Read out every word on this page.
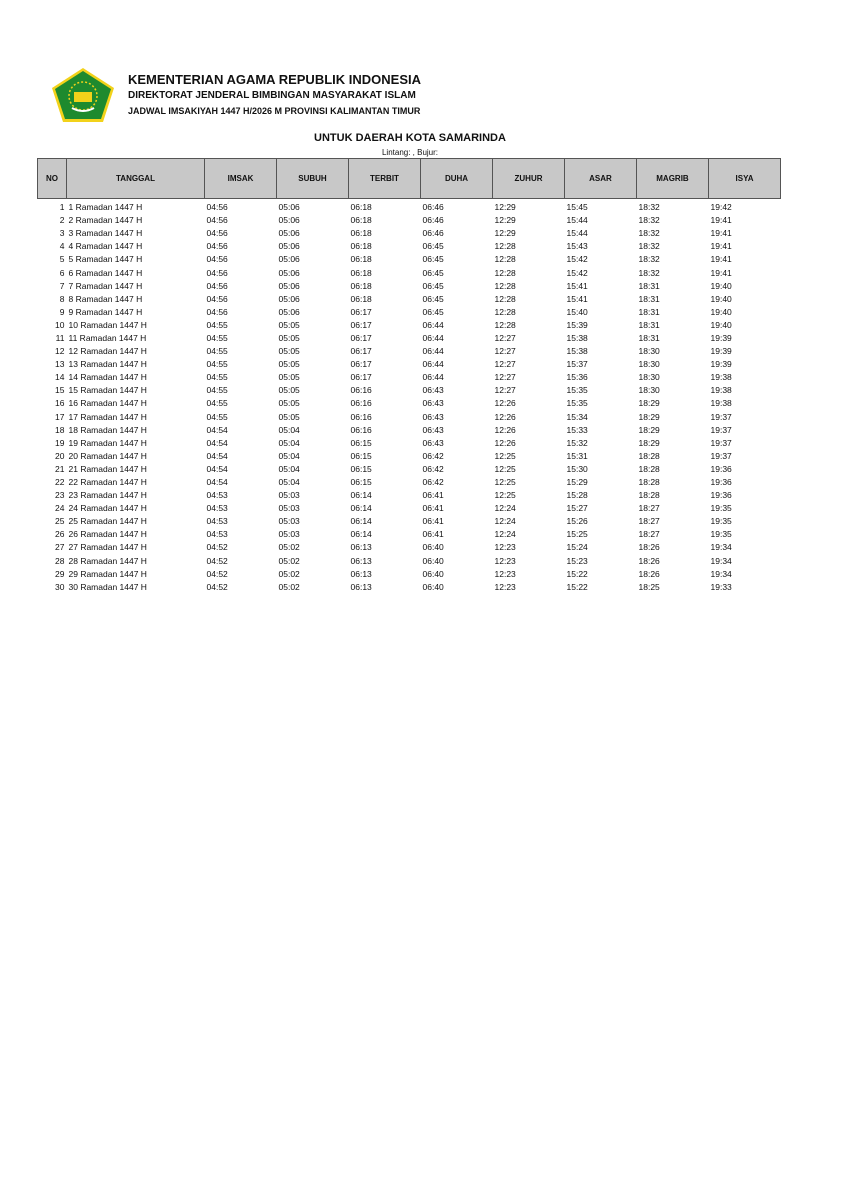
KEMENTERIAN AGAMA REPUBLIK INDONESIA
DIREKTORAT JENDERAL BIMBINGAN MASYARAKAT ISLAM
JADWAL IMSAKIYAH 1447 H/2026 M PROVINSI KALIMANTAN TIMUR
UNTUK DAERAH KOTA SAMARINDA
Lintang: , Bujur:
NO	TANGGAL	IMSAK	SUBUH	TERBIT	DUHA	ZUHUR	ASAR	MAGRIB	ISYA
1	1 Ramadan 1447 H	04:56	05:06	06:18	06:46	12:29	15:45	18:32	19:42
2	2 Ramadan 1447 H	04:56	05:06	06:18	06:46	12:29	15:44	18:32	19:41
3	3 Ramadan 1447 H	04:56	05:06	06:18	06:46	12:29	15:44	18:32	19:41
4	4 Ramadan 1447 H	04:56	05:06	06:18	06:45	12:28	15:43	18:32	19:41
5	5 Ramadan 1447 H	04:56	05:06	06:18	06:45	12:28	15:42	18:32	19:41
6	6 Ramadan 1447 H	04:56	05:06	06:18	06:45	12:28	15:42	18:32	19:41
7	7 Ramadan 1447 H	04:56	05:06	06:18	06:45	12:28	15:41	18:31	19:40
8	8 Ramadan 1447 H	04:56	05:06	06:18	06:45	12:28	15:41	18:31	19:40
9	9 Ramadan 1447 H	04:56	05:06	06:17	06:45	12:28	15:40	18:31	19:40
10	10 Ramadan 1447 H	04:55	05:05	06:17	06:44	12:28	15:39	18:31	19:40
11	11 Ramadan 1447 H	04:55	05:05	06:17	06:44	12:27	15:38	18:31	19:39
12	12 Ramadan 1447 H	04:55	05:05	06:17	06:44	12:27	15:38	18:30	19:39
13	13 Ramadan 1447 H	04:55	05:05	06:17	06:44	12:27	15:37	18:30	19:39
14	14 Ramadan 1447 H	04:55	05:05	06:17	06:44	12:27	15:36	18:30	19:38
15	15 Ramadan 1447 H	04:55	05:05	06:16	06:43	12:27	15:35	18:30	19:38
16	16 Ramadan 1447 H	04:55	05:05	06:16	06:43	12:26	15:35	18:29	19:38
17	17 Ramadan 1447 H	04:55	05:05	06:16	06:43	12:26	15:34	18:29	19:37
18	18 Ramadan 1447 H	04:54	05:04	06:16	06:43	12:26	15:33	18:29	19:37
19	19 Ramadan 1447 H	04:54	05:04	06:15	06:43	12:26	15:32	18:29	19:37
20	20 Ramadan 1447 H	04:54	05:04	06:15	06:42	12:25	15:31	18:28	19:37
21	21 Ramadan 1447 H	04:54	05:04	06:15	06:42	12:25	15:30	18:28	19:36
22	22 Ramadan 1447 H	04:54	05:04	06:15	06:42	12:25	15:29	18:28	19:36
23	23 Ramadan 1447 H	04:53	05:03	06:14	06:41	12:25	15:28	18:28	19:36
24	24 Ramadan 1447 H	04:53	05:03	06:14	06:41	12:24	15:27	18:27	19:35
25	25 Ramadan 1447 H	04:53	05:03	06:14	06:41	12:24	15:26	18:27	19:35
26	26 Ramadan 1447 H	04:53	05:03	06:14	06:41	12:24	15:25	18:27	19:35
27	27 Ramadan 1447 H	04:52	05:02	06:13	06:40	12:23	15:24	18:26	19:34
28	28 Ramadan 1447 H	04:52	05:02	06:13	06:40	12:23	15:23	18:26	19:34
29	29 Ramadan 1447 H	04:52	05:02	06:13	06:40	12:23	15:22	18:26	19:34
30	30 Ramadan 1447 H	04:52	05:02	06:13	06:40	12:23	15:22	18:25	19:33
